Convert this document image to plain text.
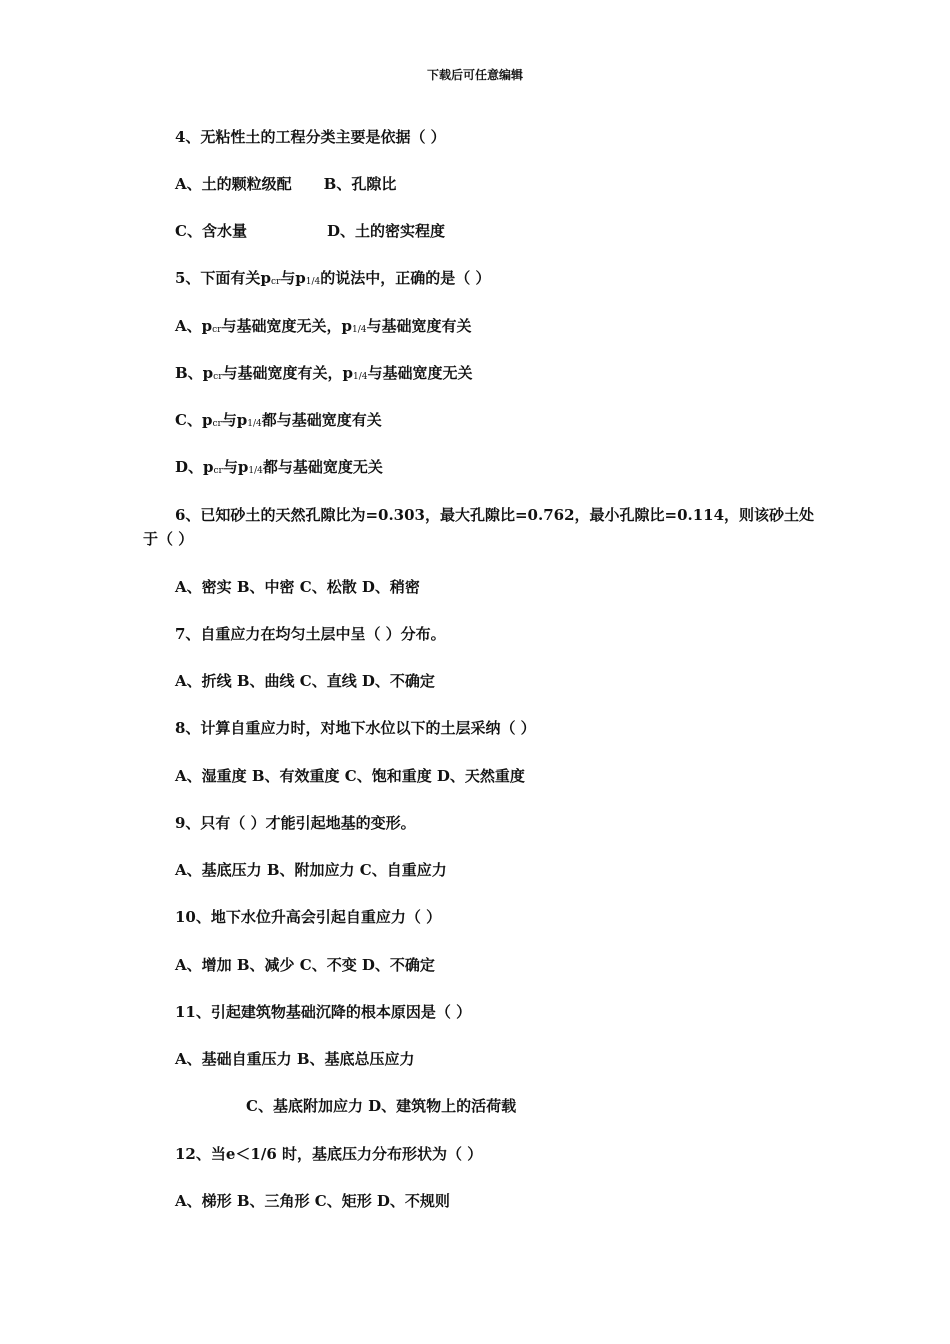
下载后可任意编辑
4、无粘性土的工程分类主要是依据（ ）
A、土的颗粒级配 B、孔隙比
C、含水量	D、土的密实程度
5、下面有关pcr与p1/4的说法中，正确的是（ ）
A、pcr与基础宽度无关，p1/4与基础宽度有关
B、pcr与基础宽度有关，p1/4与基础宽度无关
C、pcr与p1/4都与基础宽度有关
D、pcr与p1/4都与基础宽度无关
6、已知砂土的天然孔隙比为=0.303，最大孔隙比=0.762，最小孔隙比=0.114，则该砂土处
于（ ）
A、密实 B、中密 C、松散 D、稍密
7、自重应力在均匀土层中呈（ ）分布。
A、折线 B、曲线 C、直线 D、不确定
8、计算自重应力时，对地下水位以下的土层采纳（ ）
A、湿重度 B、有效重度 C、饱和重度 D、天然重度
9、只有（ ）才能引起地基的变形。
A、基底压力 B、附加应力 C、自重应力
10、地下水位升高会引起自重应力（ ）
A、增加 B、减少 C、不变 D、不确定
11、引起建筑物基础沉降的根本原因是（ ）
A、基础自重压力 B、基底总压应力
C、基底附加应力 D、建筑物上的活荷载
12、当e＜1/6 时，基底压力分布形状为（ ）
A、梯形 B、三角形 C、矩形 D、不规则
